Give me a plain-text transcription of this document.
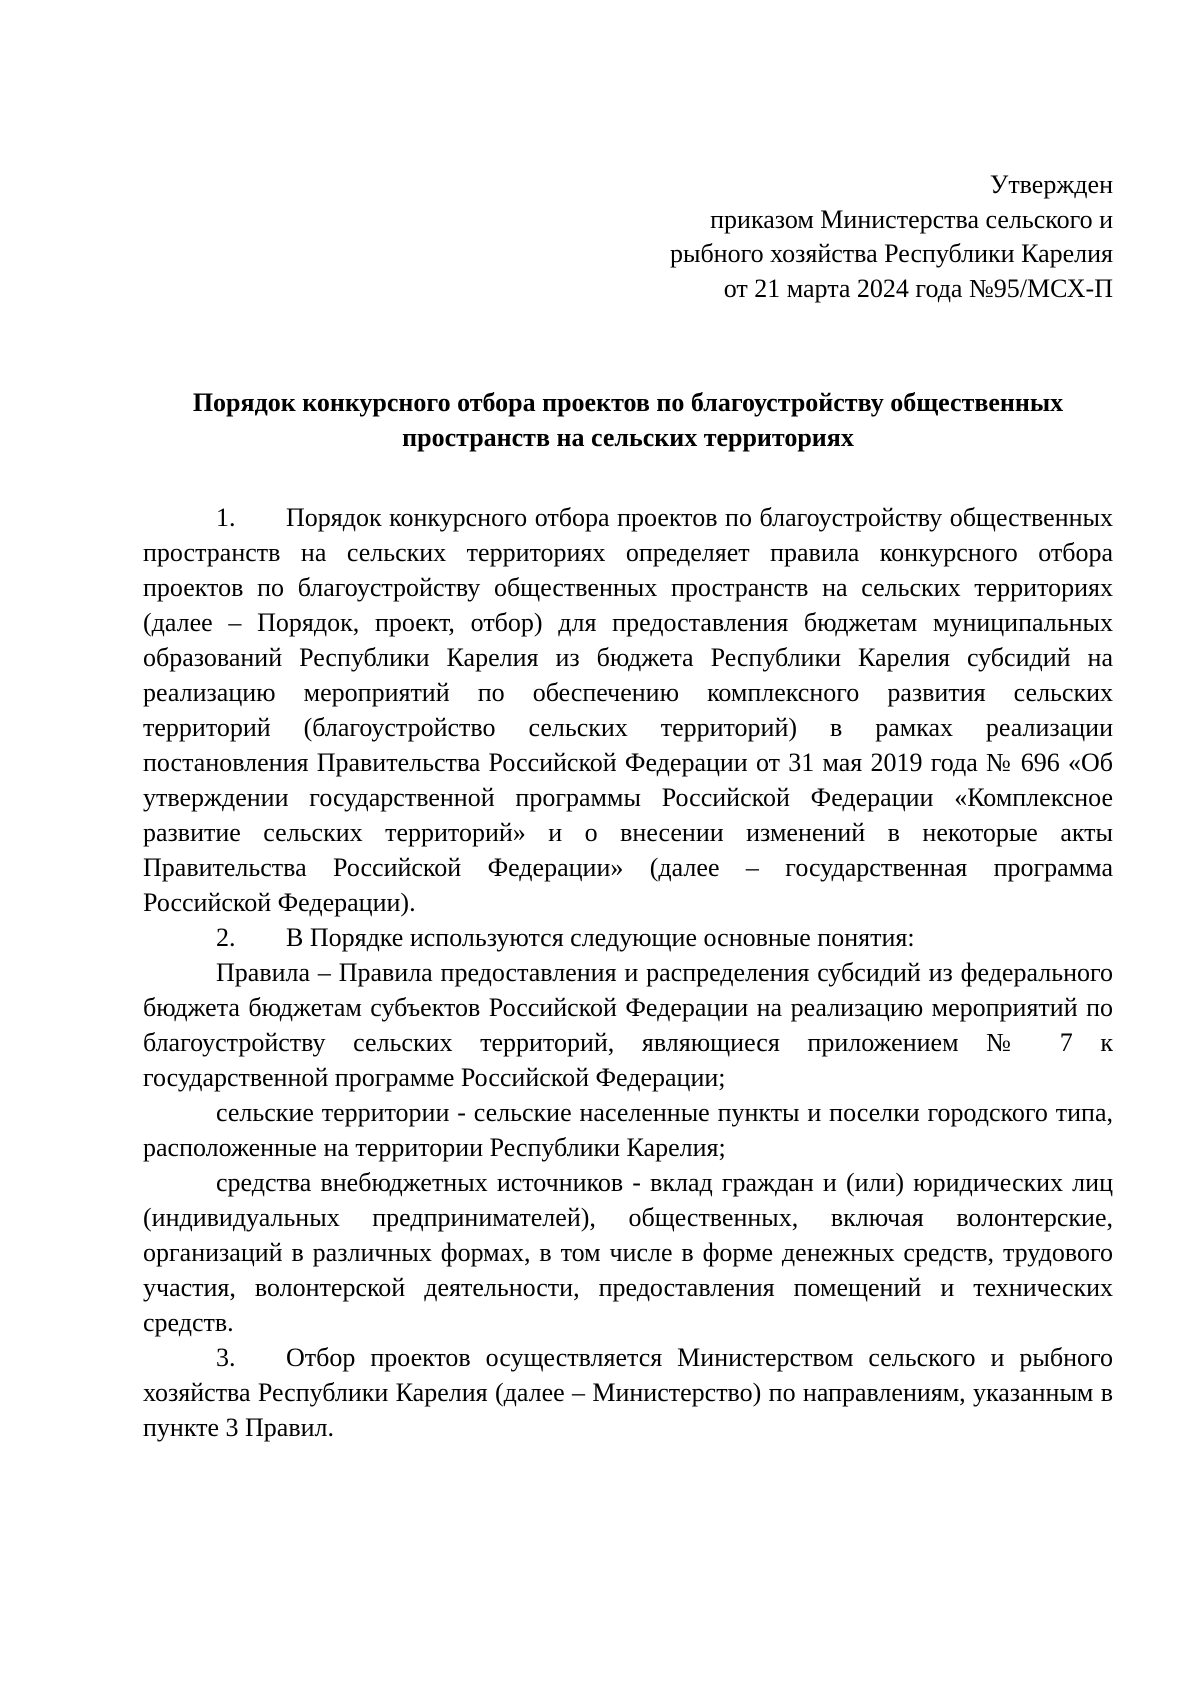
Утвержден
приказом Министерства сельского и
рыбного хозяйства Республики Карелия
от 21 марта 2024 года №95/МСХ-П
Порядок конкурсного отбора проектов по благоустройству общественных пространств на сельских территориях

1. Порядок конкурсного отбора проектов по благоустройству общественных пространств на сельских территориях определяет правила конкурсного отбора проектов по благоустройству общественных пространств на сельских территориях (далее – Порядок, проект, отбор) для предоставления бюджетам муниципальных образований Республики Карелия из бюджета Республики Карелия субсидий на реализацию мероприятий по обеспечению комплексного развития сельских территорий (благоустройство сельских территорий) в рамках реализации постановления Правительства Российской Федерации от 31 мая 2019 года № 696 «Об утверждении государственной программы Российской Федерации «Комплексное развитие сельских территорий» и о внесении изменений в некоторые акты Правительства Российской Федерации» (далее – государственная программа Российской Федерации).

2. В Порядке используются следующие основные понятия:

Правила – Правила предоставления и распределения субсидий из федерального бюджета бюджетам субъектов Российской Федерации на реализацию мероприятий по благоустройству сельских территорий, являющиеся приложением № 7 к государственной программе Российской Федерации;

сельские территории - сельские населенные пункты и поселки городского типа, расположенные на территории Республики Карелия;

средства внебюджетных источников - вклад граждан и (или) юридических лиц (индивидуальных предпринимателей), общественных, включая волонтерские, организаций в различных формах, в том числе в форме денежных средств, трудового участия, волонтерской деятельности, предоставления помещений и технических средств.

3. Отбор проектов осуществляется Министерством сельского и рыбного хозяйства Республики Карелия (далее – Министерство) по направлениям, указанным в пункте 3 Правил.
